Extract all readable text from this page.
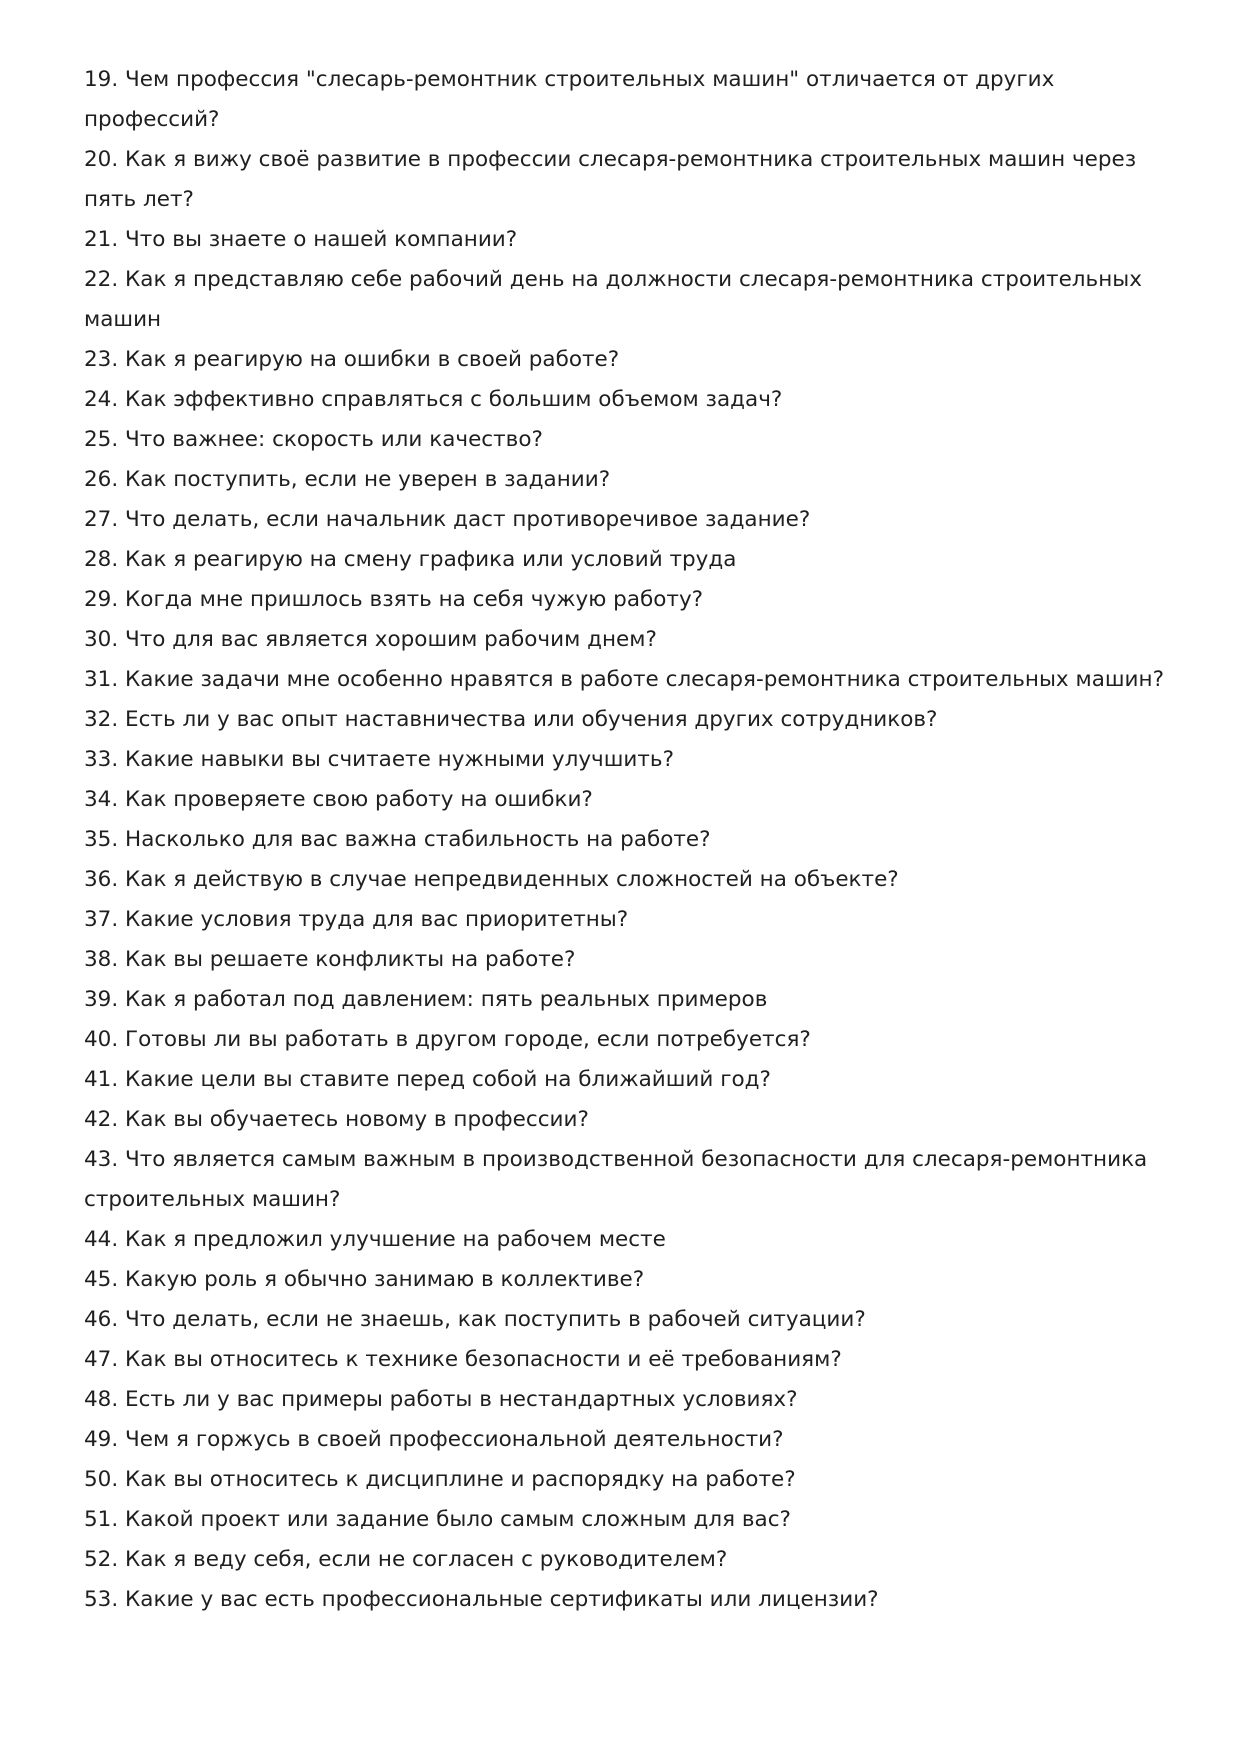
19. Чем профессия "слесарь-ремонтник строительных машин" отличается от других профессий?
20. Как я вижу своё развитие в профессии слесаря-ремонтника строительных машин через пять лет?
21. Что вы знаете о нашей компании?
22. Как я представляю себе рабочий день на должности слесаря-ремонтника строительных машин
23. Как я реагирую на ошибки в своей работе?
24. Как эффективно справляться с большим объемом задач?
25. Что важнее: скорость или качество?
26. Как поступить, если не уверен в задании?
27. Что делать, если начальник даст противоречивое задание?
28. Как я реагирую на смену графика или условий труда
29. Когда мне пришлось взять на себя чужую работу?
30. Что для вас является хорошим рабочим днем?
31. Какие задачи мне особенно нравятся в работе слесаря-ремонтника строительных машин?
32. Есть ли у вас опыт наставничества или обучения других сотрудников?
33. Какие навыки вы считаете нужными улучшить?
34. Как проверяете свою работу на ошибки?
35. Насколько для вас важна стабильность на работе?
36. Как я действую в случае непредвиденных сложностей на объекте?
37. Какие условия труда для вас приоритетны?
38. Как вы решаете конфликты на работе?
39. Как я работал под давлением: пять реальных примеров
40. Готовы ли вы работать в другом городе, если потребуется?
41. Какие цели вы ставите перед собой на ближайший год?
42. Как вы обучаетесь новому в профессии?
43. Что является самым важным в производственной безопасности для слесаря-ремонтника строительных машин?
44. Как я предложил улучшение на рабочем месте
45. Какую роль я обычно занимаю в коллективе?
46. Что делать, если не знаешь, как поступить в рабочей ситуации?
47. Как вы относитесь к технике безопасности и её требованиям?
48. Есть ли у вас примеры работы в нестандартных условиях?
49. Чем я горжусь в своей профессиональной деятельности?
50. Как вы относитесь к дисциплине и распорядку на работе?
51. Какой проект или задание было самым сложным для вас?
52. Как я веду себя, если не согласен с руководителем?
53. Какие у вас есть профессиональные сертификаты или лицензии?
